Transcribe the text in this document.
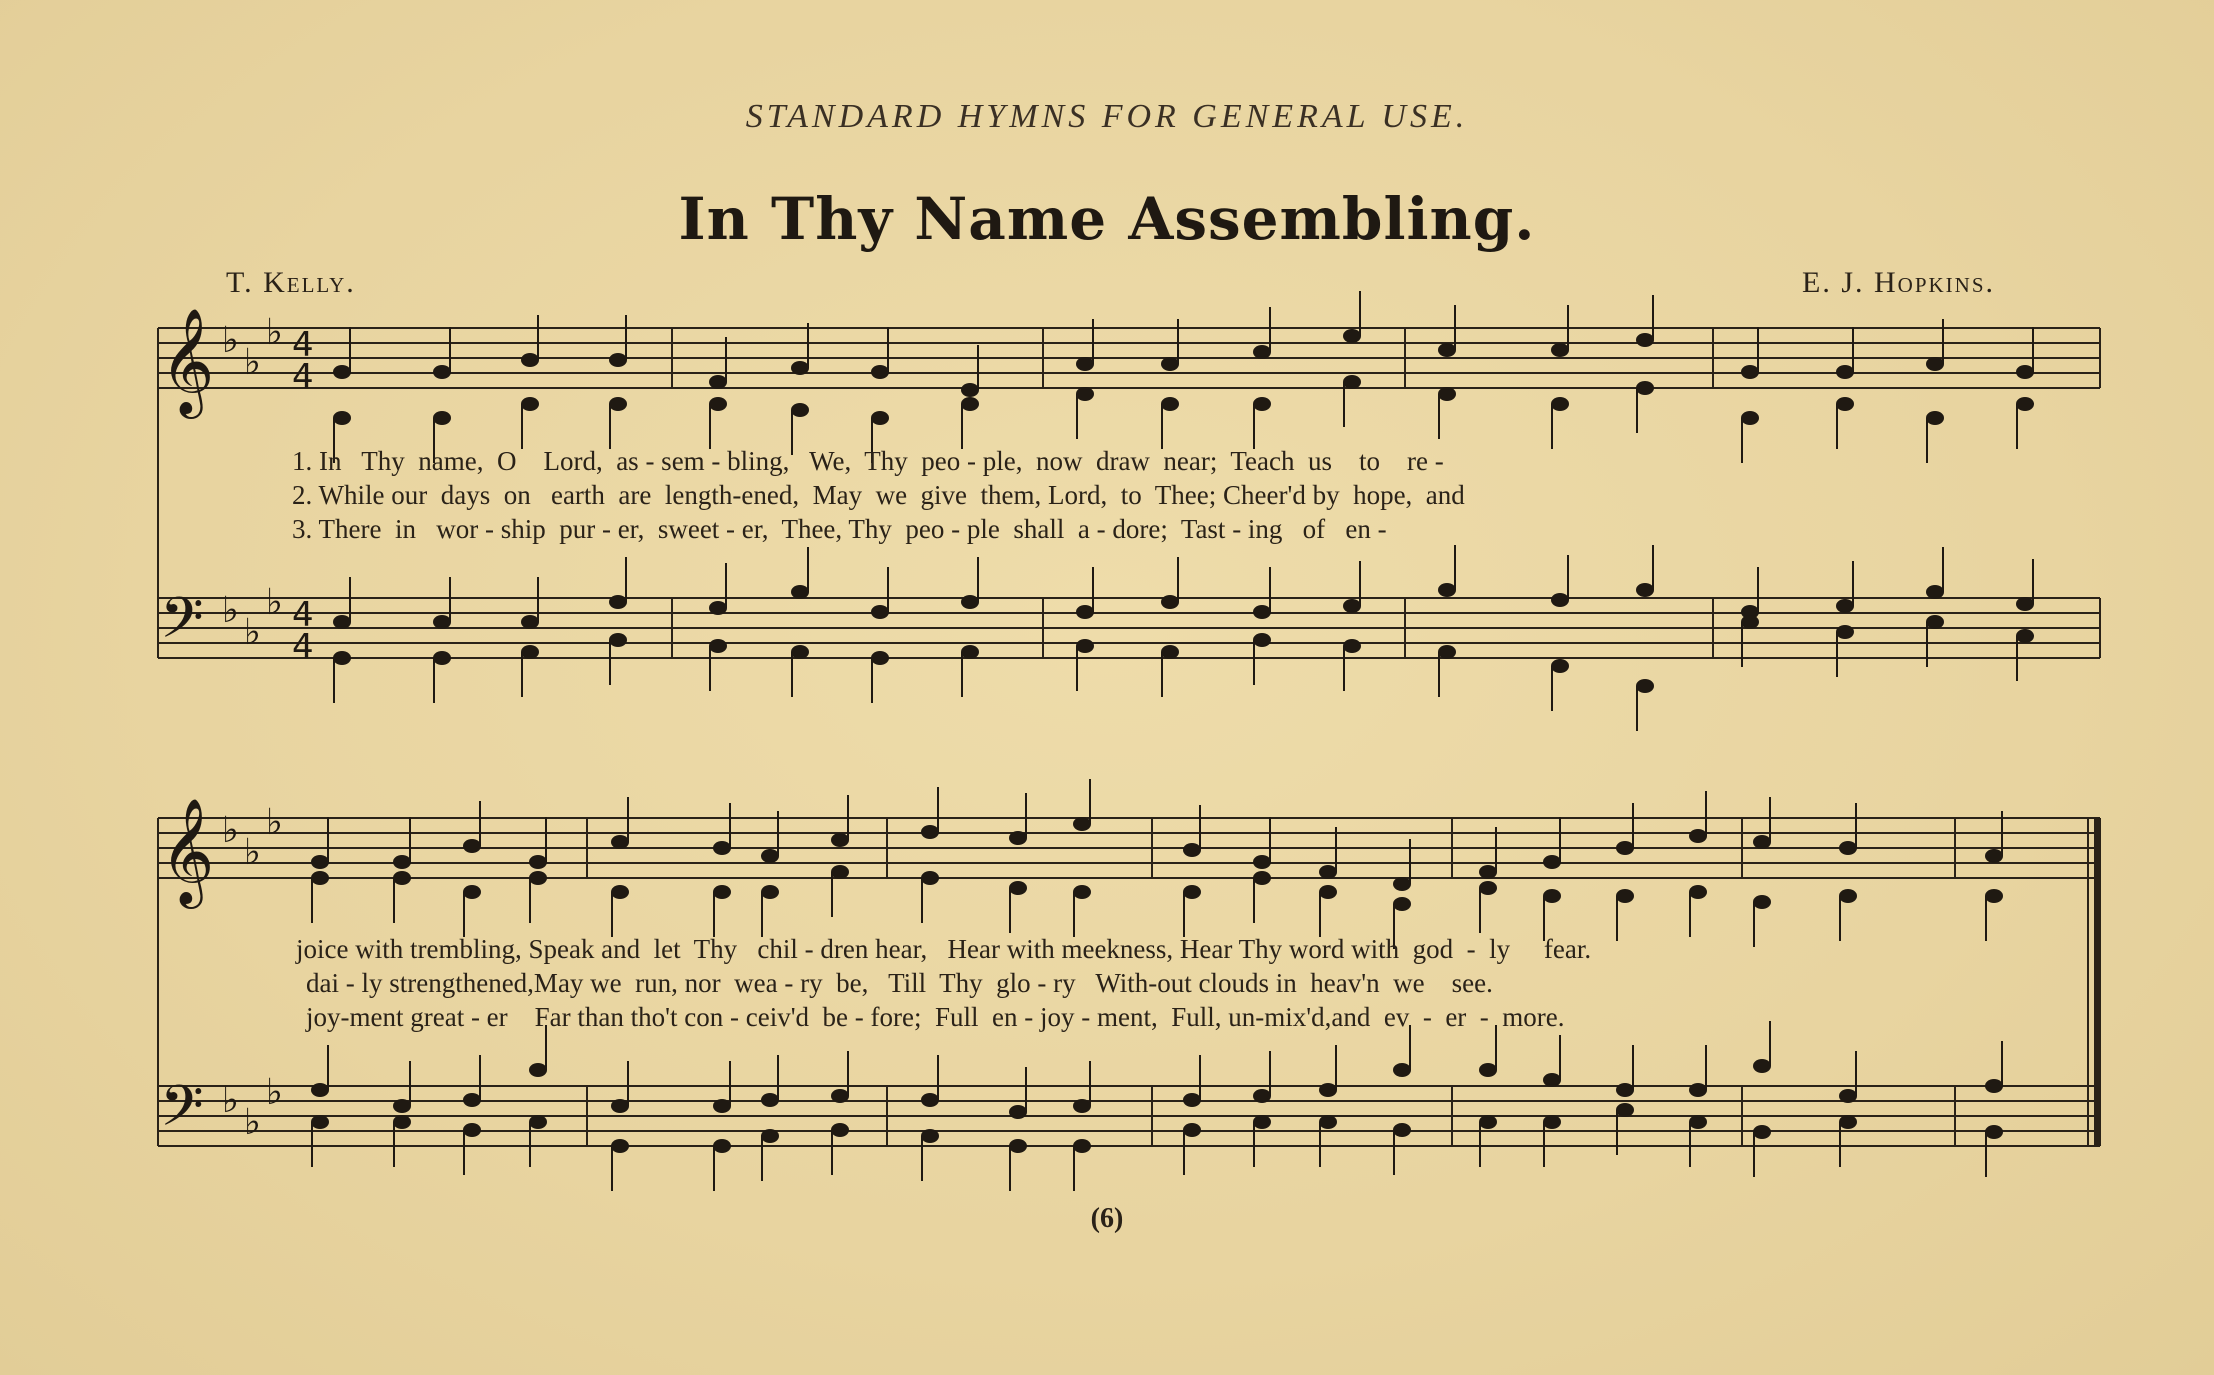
STANDARD HYMNS FOR GENERAL USE.
In Thy Name Assembling.
T. Kelly.	E. J. Hopkins.
𝄞
𝄢
𝄞
𝄢
♭
♭
♭
♭
♭
♭
♭
♭
♭
♭
♭
♭
4
4
4
4
1. In   Thy  name,  O    Lord,  as - sem - bling,   We,  Thy  peo - ple,  now  draw  near;  Teach  us    to    re -
2. While our  days  on   earth  are  length-ened,  May  we  give  them, Lord,  to  Thee; Cheer'd by  hope,  and
3. There  in   wor - ship  pur - er,  sweet - er,  Thee, Thy  peo - ple  shall  a - dore;  Tast - ing   of   en -
joice with trembling, Speak and  let  Thy   chil - dren hear,   Hear with meekness, Hear Thy word with  god  -  ly     fear.
dai - ly strengthened,May we  run, nor  wea - ry  be,   Till  Thy  glo - ry   With-out clouds in  heav'n  we    see.
joy-ment great - er    Far than tho't con - ceiv'd  be - fore;  Full  en - joy - ment,  Full, un-mix'd,and  ev  -  er  -  more.
(6)
